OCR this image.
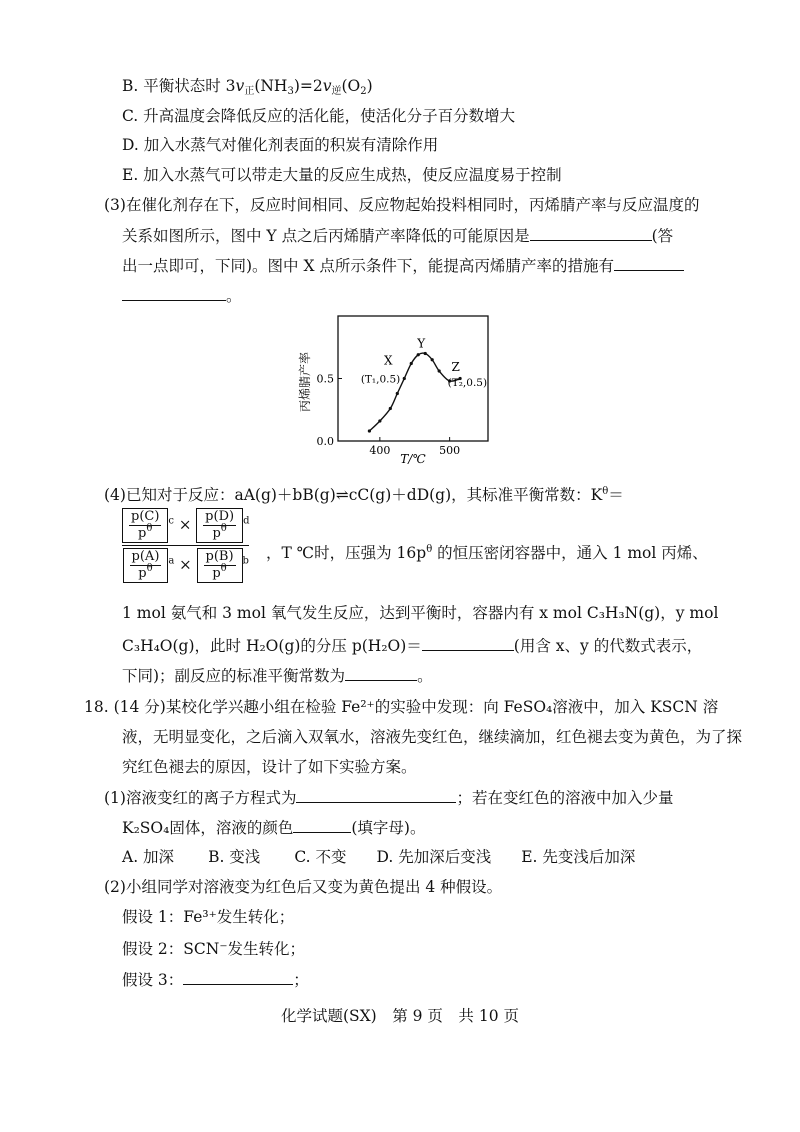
B. 平衡状态时 $3v_正(NH_3)=2v_逆(O_2)$
C. 升高温度会降低反应的活化能，使活化分子百分数增大
D. 加入水蒸气对催化剂表面的积炭有清除作用
E. 加入水蒸气可以带走大量的反应生成热，使反应温度易于控制
(3)在催化剂存在下，反应时间相同、反应物起始投料相同时，丙烯腈产率与反应温度的
关系如图所示，图中 Y 点之后丙烯腈产率降低的可能原因是	(答
出一点即可，下同)。图中 X 点所示条件下，能提高丙烯腈产率的措施有
。
丙烯腈产率
T/℃
400	500
0.0
0.5
X
(T₁,0.5)
Y
Z
(T₂,0.5)
(4)已知对于反应：aA(g)＋bB(g)⇌cC(g)＋dD(g)，其标准平衡常数：$K^\theta=$
$\frac{\frac{p(C)}{p^\theta} ^c \times \frac{p(D)}{p^\theta} ^d}{\frac{p(A)}{p^\theta} ^a \times \frac{p(B)}{p^\theta} ^b}$ ，T ℃时，压强为 $16p^\theta$ 的恒压密闭容器中，通入 1 mol 丙烯、
1 mol 氨气和 3 mol 氧气发生反应，达到平衡时，容器内有 x mol C₃H₃N(g)，y mol
C₃H₄O(g)，此时 H₂O(g)的分压 p(H₂O)＝	(用含 x、y 的代数式表示，
下同)；副反应的标准平衡常数为	。
18. (14 分)某校化学兴趣小组在检验 Fe²⁺的实验中发现：向 FeSO₄溶液中，加入 KSCN 溶
液，无明显变化，之后滴入双氧水，溶液先变红色，继续滴加，红色褪去变为黄色，为了探
究红色褪去的原因，设计了如下实验方案。
(1)溶液变红的离子方程式为	；若在变红色的溶液中加入少量
K₂SO₄固体，溶液的颜色	(填字母)。
A. 加深 B. 变浅 C. 不变 D. 先加深后变浅 E. 先变浅后加深
(2)小组同学对溶液变为红色后又变为黄色提出 4 种假设。
假设 1：Fe³⁺发生转化；
假设 2：SCN⁻发生转化；
假设 3：	；
化学试题(SX)　第 9 页　共 10 页
